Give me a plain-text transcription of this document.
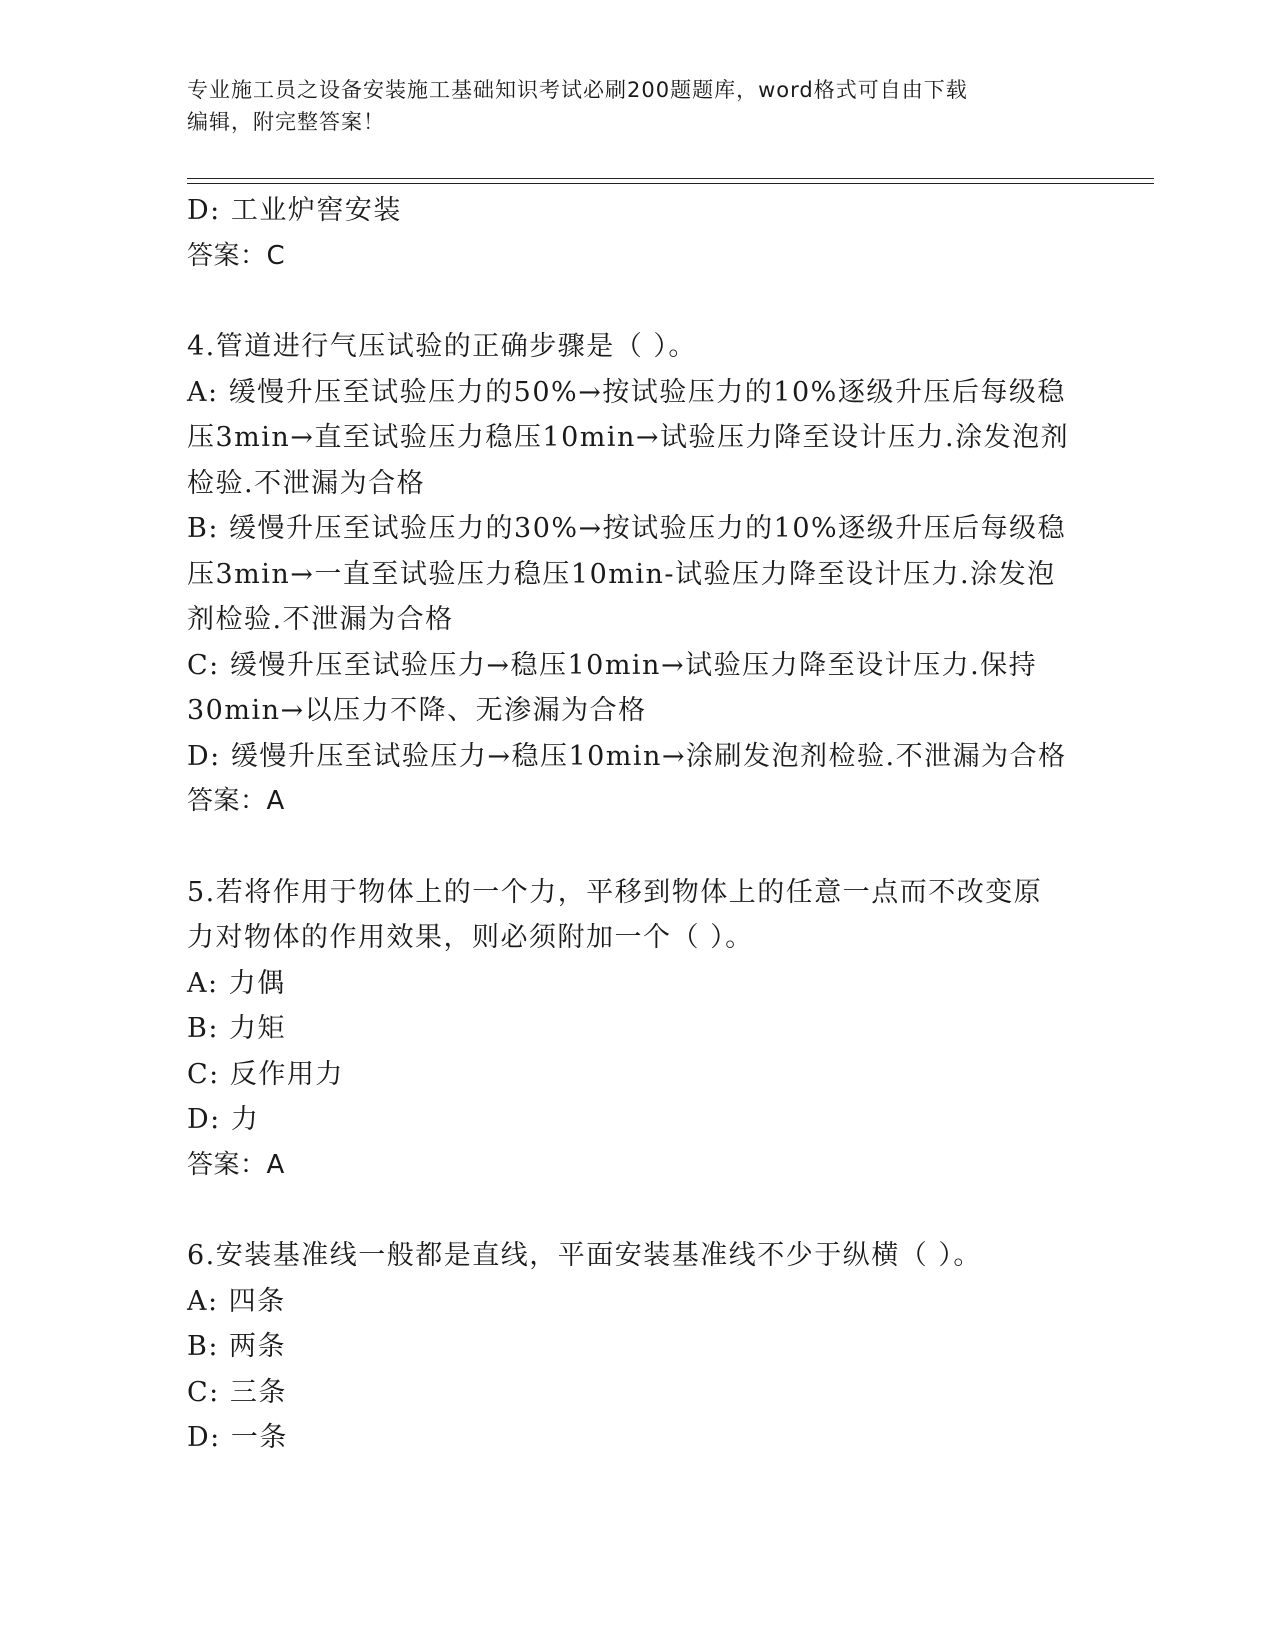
专业施工员之设备安装施工基础知识考试必刷200题题库，word格式可自由下载
编辑，附完整答案！
D: 工业炉窖安装
答案：C
4.管道进行气压试验的正确步骤是（ ）。
A: 缓慢升压至试验压力的50%→按试验压力的10%逐级升压后每级稳
压3min→直至试验压力稳压10min→试验压力降至设计压力.涂发泡剂
检验.不泄漏为合格
B: 缓慢升压至试验压力的30%→按试验压力的10%逐级升压后每级稳
压3min→一直至试验压力稳压10min-试验压力降至设计压力.涂发泡
剂检验.不泄漏为合格
C: 缓慢升压至试验压力→稳压10min→试验压力降至设计压力.保持
30min→以压力不降、无渗漏为合格
D: 缓慢升压至试验压力→稳压10min→涂刷发泡剂检验.不泄漏为合格
答案：A
5.若将作用于物体上的一个力，平移到物体上的任意一点而不改变原
力对物体的作用效果，则必须附加一个（ ）。
A: 力偶
B: 力矩
C: 反作用力
D: 力
答案：A
6.安装基准线一般都是直线，平面安装基准线不少于纵横（ ）。
A: 四条
B: 两条
C: 三条
D: 一条
